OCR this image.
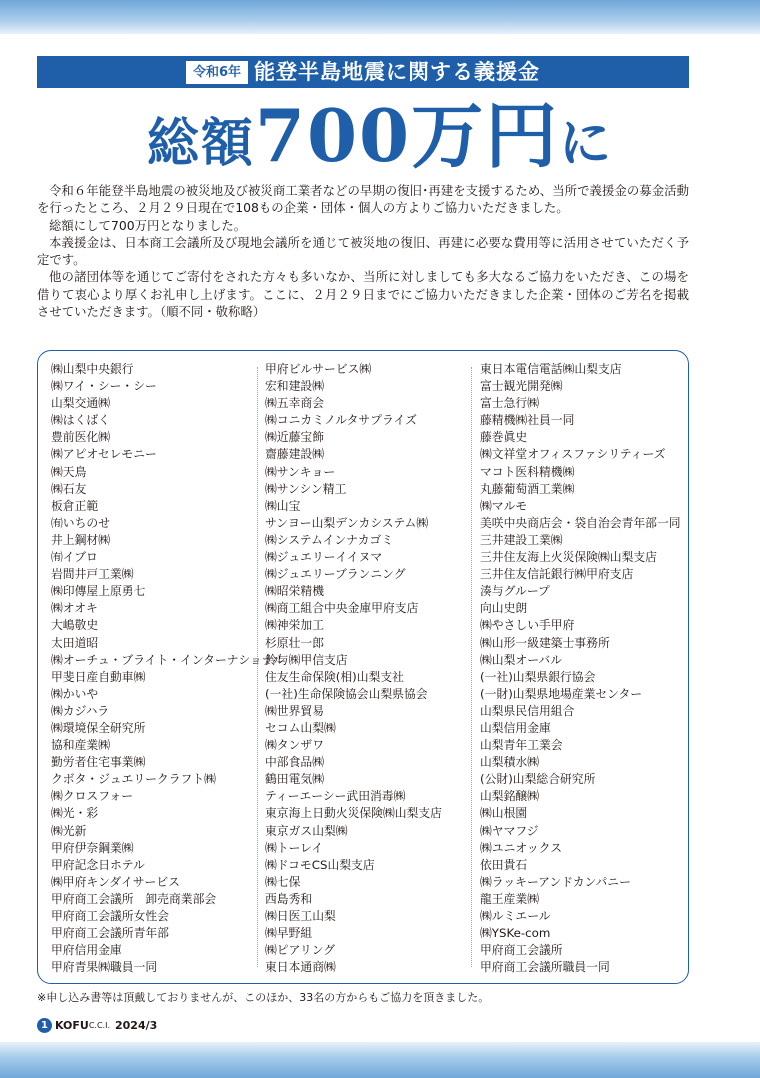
令和6年 能登半島地震に関する義援金
総額700万円に

令和６年能登半島地震の被災地及び被災商工業者などの早期の復旧･再建を支援するため、当所で義援金の募金活動を行ったところ、２月２９日現在で108もの企業・団体・個人の方よりご協力いただきました。

総額にして700万円となりました。

本義援金は、日本商工会議所及び現地会議所を通じて被災地の復旧、再建に必要な費用等に活用させていただく予定です。

他の諸団体等を通じてご寄付をされた方々も多いなか、当所に対しましても多大なるご協力をいただき、この場を借りて衷心より厚くお礼申し上げます。ここに、２月２９日までにご協力いただきました企業・団体のご芳名を掲載させていただきます。（順不同・敬称略）

㈱山梨中央銀行
㈱ワイ・シー・シー
山梨交通㈱
㈱はくばく
豊前医化㈱
㈱アピオセレモニー
㈱天鳥
㈱石友
板倉正範
㈲いちのせ
井上鋼材㈱
㈲イブロ
岩間井戸工業㈱
㈱印傳屋上原勇七
㈱オオキ
大嶋敬史
太田道昭
㈱オーチュ・ブライト・インターナショナル
甲斐日産自動車㈱
㈱かいや
㈱カジハラ
㈱環境保全研究所
協和産業㈱
勤労者住宅事業㈱
クボタ・ジュエリークラフト㈱
㈱クロスフォー
㈱光・彩
㈱光新
甲府伊奈鋼業㈱
甲府記念日ホテル
㈱甲府キンダイサービス
甲府商工会議所　卸売商業部会
甲府商工会議所女性会
甲府商工会議所青年部
甲府信用金庫
甲府青果㈱職員一同
甲府ビルサービス㈱
宏和建設㈱
㈱五幸商会
㈱コニカミノルタサプライズ
㈱近藤宝飾
齋藤建設㈱
㈱サンキョー
㈱サンシン精工
㈱山宝
サンヨー山梨デンカシステム㈱
㈱システムインナカゴミ
㈱ジュエリーイイヌマ
㈱ジュエリーブランニング
㈱昭栄精機
㈱商工組合中央金庫甲府支店
㈱神栄加工
杉原壮一郎
鈴与㈱甲信支店
住友生命保険(相)山梨支社
(一社)生命保険協会山梨県協会
㈱世界貿易
セコム山梨㈱
㈱タンザワ
中部食品㈱
鶴田電気㈱
ティーエーシー武田消毒㈱
東京海上日動火災保険㈱山梨支店
東京ガス山梨㈱
㈱トーレイ
㈱ドコモCS山梨支店
㈱七保
西島秀和
㈱日医工山梨
㈱早野組
㈱ピアリング
東日本通商㈱
東日本電信電話㈱山梨支店
富士観光開発㈱
富士急行㈱
藤精機㈱社員一同
藤巻眞史
㈱文祥堂オフィスファシリティーズ
マコト医科精機㈱
丸藤葡萄酒工業㈱
㈱マルモ
美咲中央商店会・袋自治会青年部一同
三井建設工業㈱
三井住友海上火災保険㈱山梨支店
三井住友信託銀行㈱甲府支店
湊与グループ
向山史朗
㈱やさしい手甲府
㈱山形一級建築士事務所
㈱山梨オーバル
(一社)山梨県銀行協会
(一財)山梨県地場産業センター
山梨県民信用組合
山梨信用金庫
山梨青年工業会
山梨積水㈱
(公財)山梨総合研究所
山梨銘醸㈱
㈱山根園
㈱ヤマフジ
㈱ユニオックス
依田貴石
㈱ラッキーアンドカンパニー
龍王産業㈱
㈱ルミエール
㈱YSKe-com
甲府商工会議所
甲府商工会議所職員一同
※申し込み書等は頂戴しておりませんが、このほか、33名の方からもご協力を頂きました。
1 KOFU C.C.I. 2024/3
